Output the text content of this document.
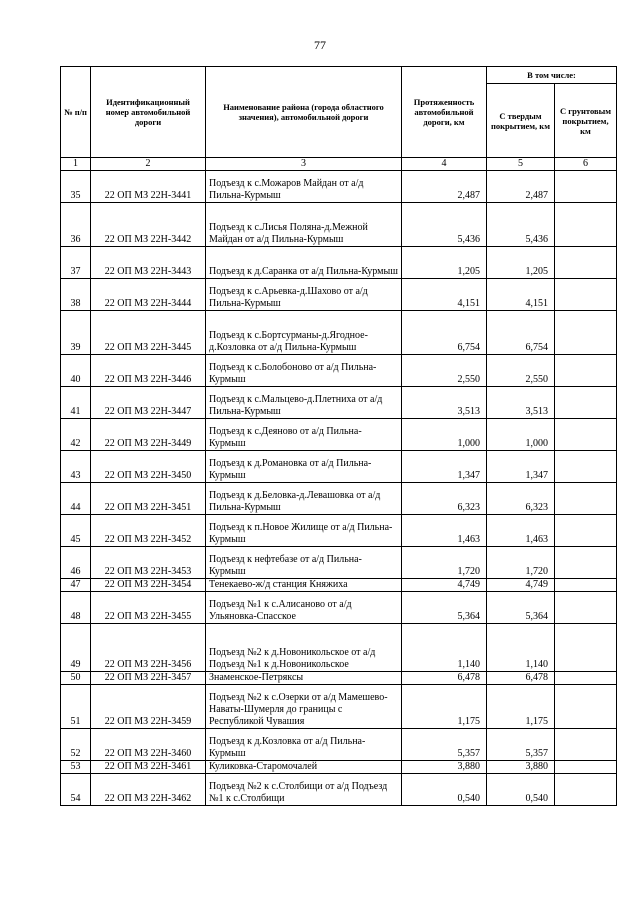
77
№ п/п	Идентификационный номер автомобильной дороги	Наименование района (города областного значения), автомобильной дороги	Протяженность автомобильной дороги, км	В том числе:	
				С твердым покрытием, км	С грунтовым покрытием, км
1	2	3	4	5	6
35	22 ОП МЗ 22Н-3441	Подъезд к с.Можаров Майдан от а/д Пильна-Курмыш	2,487	2,487	
36	22 ОП МЗ 22Н-3442	Подъезд к с.Лисья Поляна-д.Межной Майдан от а/д Пильна-Курмыш	5,436	5,436	
37	22 ОП МЗ 22Н-3443	Подъезд к д.Саранка от а/д Пильна-Курмыш	1,205	1,205	
38	22 ОП МЗ 22Н-3444	Подъезд к с.Арьевка-д.Шахово от а/д Пильна-Курмыш	4,151	4,151	
39	22 ОП МЗ 22Н-3445	Подъезд к с.Бортсурманы-д.Ягодное-д.Козловка от а/д Пильна-Курмыш	6,754	6,754	
40	22 ОП МЗ 22Н-3446	Подъезд к с.Болобоново от а/д Пильна-Курмыш	2,550	2,550	
41	22 ОП МЗ 22Н-3447	Подъезд к с.Мальцево-д.Плетниха от а/д Пильна-Курмыш	3,513	3,513	
42	22 ОП МЗ 22Н-3449	Подъезд к с.Деяново от а/д Пильна-Курмыш	1,000	1,000	
43	22 ОП МЗ 22Н-3450	Подъезд к д.Романовка от а/д Пильна-Курмыш	1,347	1,347	
44	22 ОП МЗ 22Н-3451	Подъезд к д.Беловка-д.Левашовка от а/д Пильна-Курмыш	6,323	6,323	
45	22 ОП МЗ 22Н-3452	Подъезд к п.Новое Жилище от а/д Пильна-Курмыш	1,463	1,463	
46	22 ОП МЗ 22Н-3453	Подъезд к нефтебазе от а/д Пильна-Курмыш	1,720	1,720	
47	22 ОП МЗ 22Н-3454	Тенекаево-ж/д станция Княжиха	4,749	4,749	
48	22 ОП МЗ 22Н-3455	Подъезд №1 к с.Алисаново от а/д Ульяновка-Спасское	5,364	5,364	
49	22 ОП МЗ 22Н-3456	Подъезд №2 к д.Новоникольское от а/д Подъезд №1 к д.Новоникольское	1,140	1,140	
50	22 ОП МЗ 22Н-3457	Знаменское-Петряксы	6,478	6,478	
51	22 ОП МЗ 22Н-3459	Подъезд №2 к с.Озерки от а/д Мамешево-Наваты-Шумерля до границы с Республикой Чувашия	1,175	1,175	
52	22 ОП МЗ 22Н-3460	Подъезд к д.Козловка от а/д Пильна-Курмыш	5,357	5,357	
53	22 ОП МЗ 22Н-3461	Куликовка-Старомочалей	3,880	3,880	
54	22 ОП МЗ 22Н-3462	Подъезд №2 к с.Столбищи от а/д Подъезд №1 к с.Столбищи	0,540	0,540	
